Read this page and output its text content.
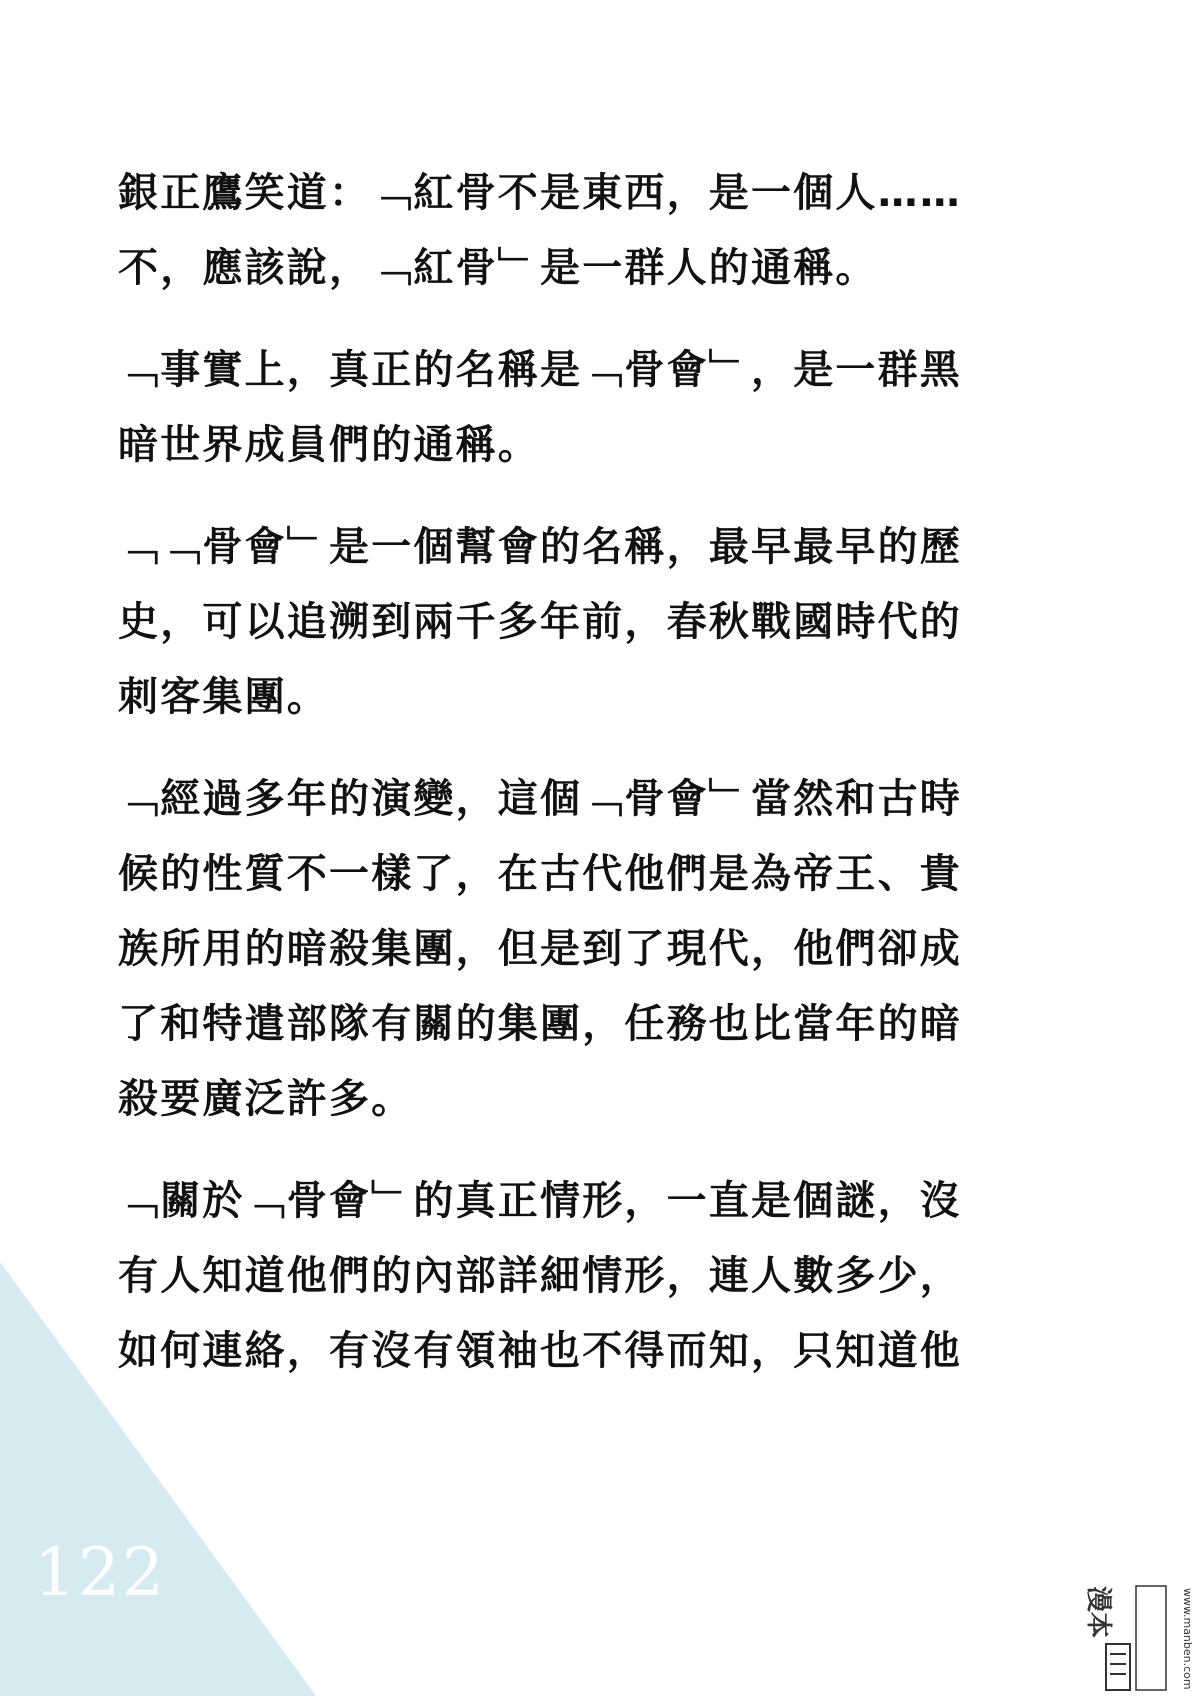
122
銀正鷹笑道：﹁紅骨不是東西，是一個人……
不，應該說，﹁紅骨﹂是一群人的通稱。
﹁事實上，真正的名稱是﹁骨會﹂，是一群黑
暗世界成員們的通稱。
﹁﹁骨會﹂是一個幫會的名稱，最早最早的歷
史，可以追溯到兩千多年前，春秋戰國時代的
刺客集團。
﹁經過多年的演變，這個﹁骨會﹂當然和古時
候的性質不一樣了，在古代他們是為帝王、貴
族所用的暗殺集團，但是到了現代，他們卻成
了和特遣部隊有關的集團，任務也比當年的暗
殺要廣泛許多。
﹁關於﹁骨會﹂的真正情形，一直是個謎，沒
有人知道他們的內部詳細情形，連人數多少，
如何連絡，有沒有領袖也不得而知，只知道他
漫本	www.manben.com
